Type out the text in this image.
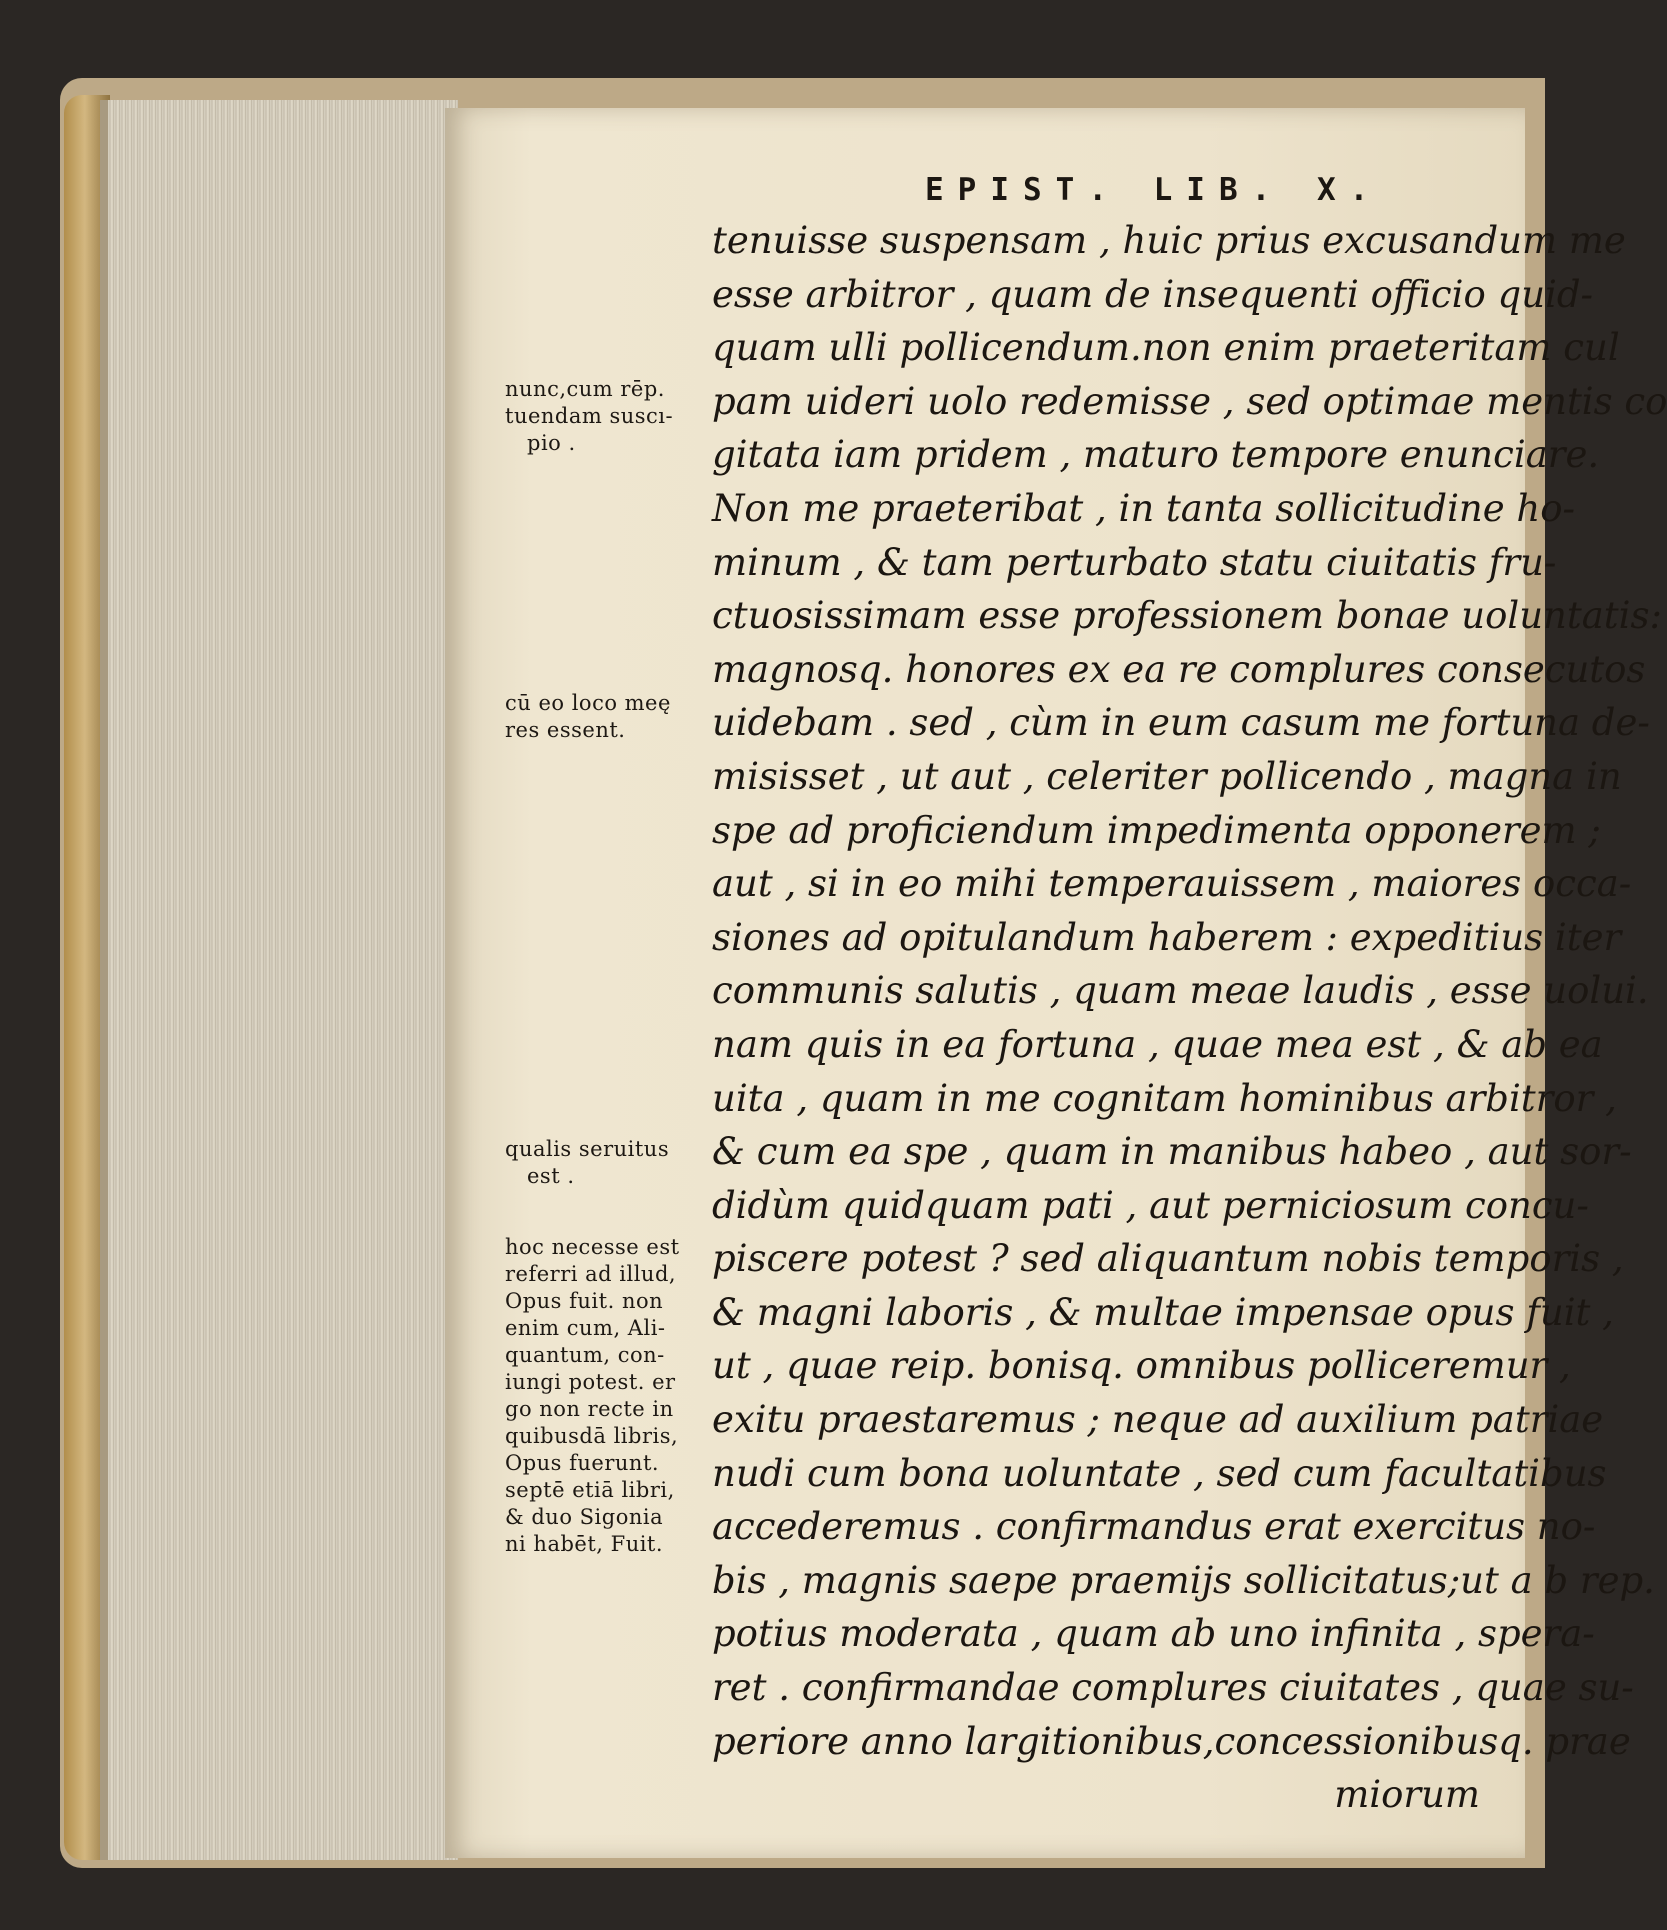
EPIST. LIB. X.
tenuisse suspensam , huic prius excusandum me
esse arbitror , quam de insequenti officio quid-
quam ulli pollicendum.non enim praeteritam cul
pam uideri uolo redemisse , sed optimae mentis co
gitata iam pridem , maturo tempore enunciare.
Non me praeteribat , in tanta sollicitudine ho-
minum , & tam perturbato statu ciuitatis fru-
ctuosissimam esse professionem bonae uoluntatis:
magnosq. honores ex ea re complures consecutos
uidebam . sed , cùm in eum casum me fortuna de-
misisset , ut aut , celeriter pollicendo , magna in
spe ad proficiendum impedimenta opponerem ;
aut , si in eo mihi temperauissem , maiores occa-
siones ad opitulandum haberem : expeditius iter
communis salutis , quam meae laudis , esse uolui.
nam quis in ea fortuna , quae mea est , & ab ea
uita , quam in me cognitam hominibus arbitror ,
& cum ea spe , quam in manibus habeo , aut sor-
didùm quidquam pati , aut perniciosum concu-
piscere potest ? sed aliquantum nobis temporis ,
& magni laboris , & multae impensae opus fuit ,
ut , quae reip. bonisq. omnibus polliceremur ,
exitu praestaremus ; neque ad auxilium patriae
nudi cum bona uoluntate , sed cum facultatibus
accederemus . confirmandus erat exercitus no-
bis , magnis saepe praemijs sollicitatus;ut a b rep.
potius moderata , quam ab uno infinita , spera-
ret . confirmandae complures ciuitates , quae su-
periore anno largitionibus,concessionibusq. prae
miorum
nunc,cum rēp.
tuendam suscı-
pio .
cū eo loco meę
res essent.
qualis seruitus
est .
hoc necesse est
referri ad illud,
Opus fuit. non
enim cum, Ali-
quantum, con-
iungi potest. er
go non recte in
quibusdā libris,
Opus fuerunt.
septē etiā libri,
& duo Sigonia
ni habēt, Fuit.
